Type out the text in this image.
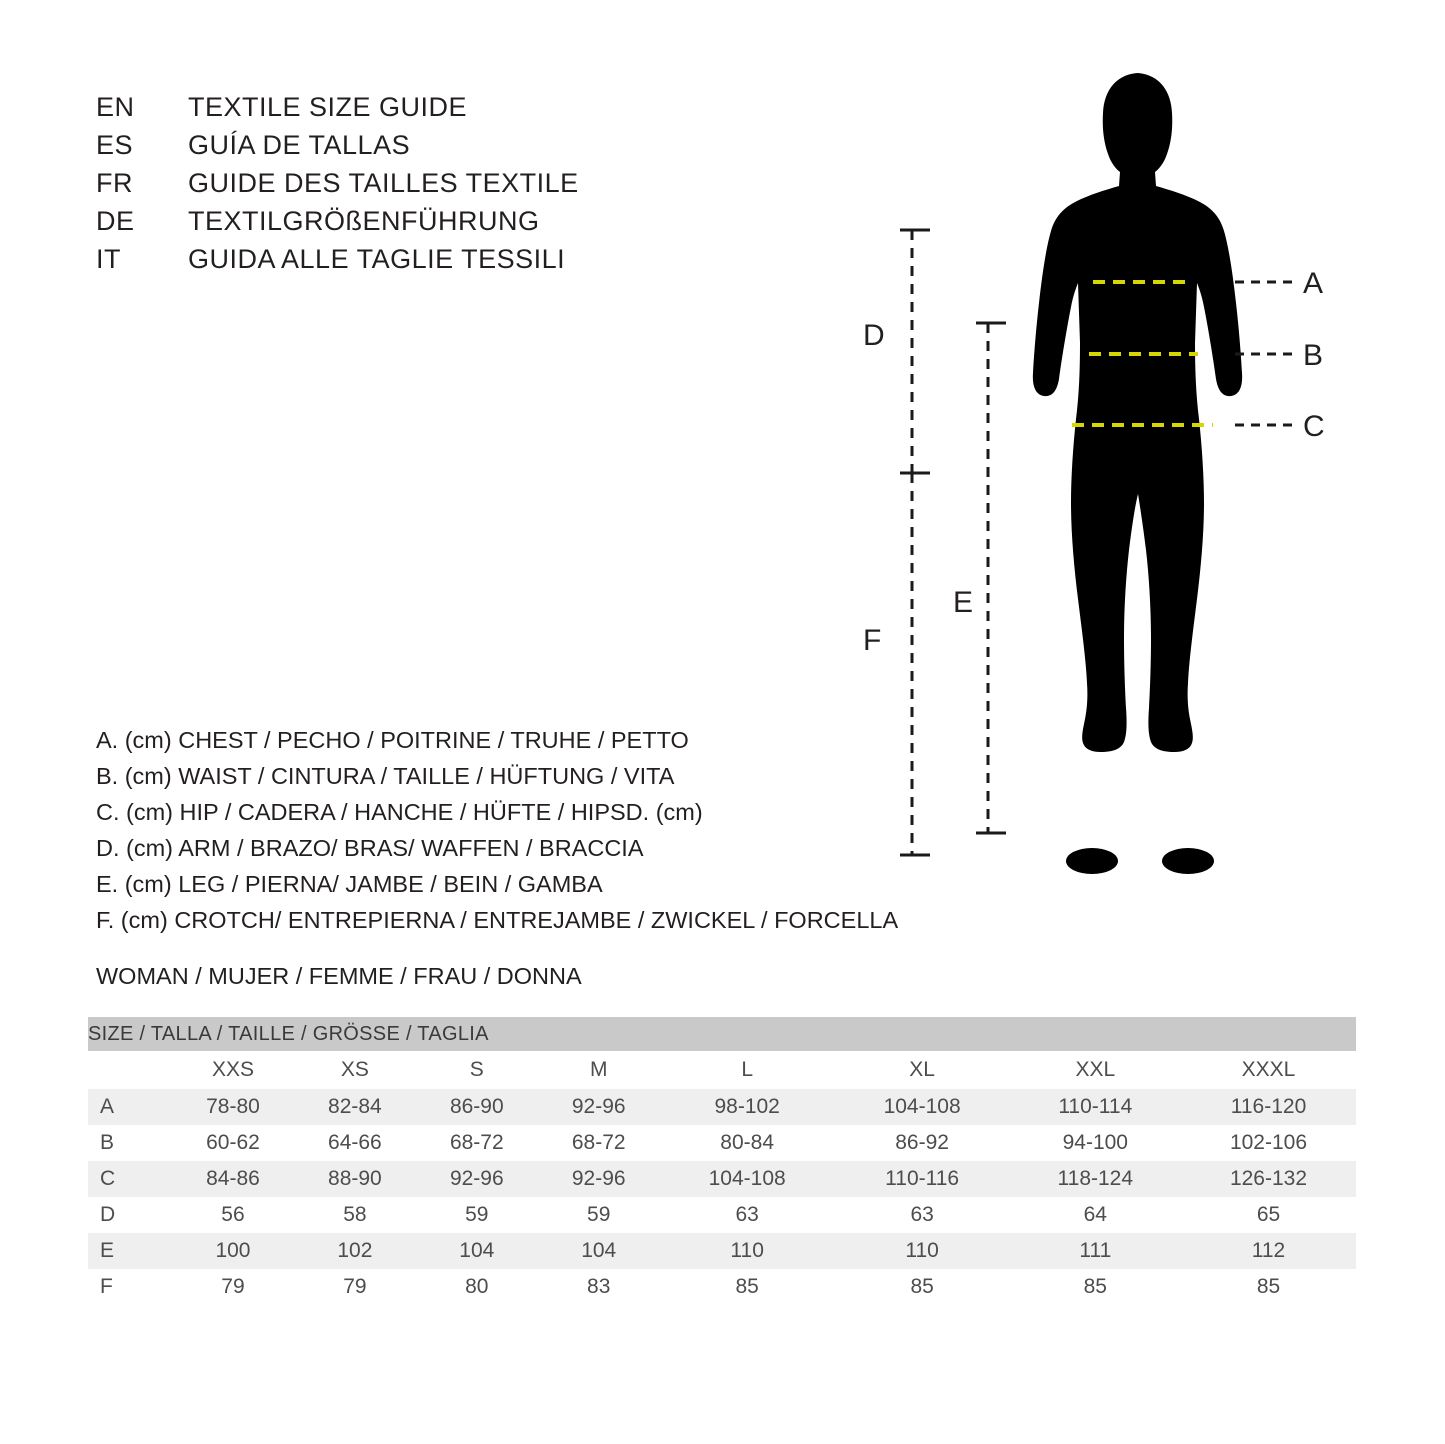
EN	TEXTILE SIZE GUIDE
ES	GUÍA DE TALLAS
FR	GUIDE DES TAILLES TEXTILE
DE	TEXTILGRÖßENFÜHRUNG
IT	GUIDA ALLE TAGLIE TESSILI
A. (cm) CHEST / PECHO / POITRINE / TRUHE / PETTO
B. (cm) WAIST / CINTURA / TAILLE / HÜFTUNG / VITA
C. (cm) HIP / CADERA / HANCHE / HÜFTE / HIPSD. (cm)
D. (cm) ARM / BRAZO/ BRAS/ WAFFEN / BRACCIA
E. (cm) LEG / PIERNA/ JAMBE / BEIN / GAMBA
F. (cm) CROTCH/ ENTREPIERNA / ENTREJAMBE / ZWICKEL / FORCELLA
WOMAN / MUJER / FEMME / FRAU / DONNA
A
B
C
D
F
E
SIZE / TALLA / TAILLE / GRÖSSE / TAGLIA								
	XXS	XS	S	M	L	XL	XXL	XXXL
A	78-80	82-84	86-90	92-96	98-102	104-108	110-114	116-120
B	60-62	64-66	68-72	68-72	80-84	86-92	94-100	102-106
C	84-86	88-90	92-96	92-96	104-108	110-116	118-124	126-132
D	56	58	59	59	63	63	64	65
E	100	102	104	104	110	110	111	112
F	79	79	80	83	85	85	85	85
